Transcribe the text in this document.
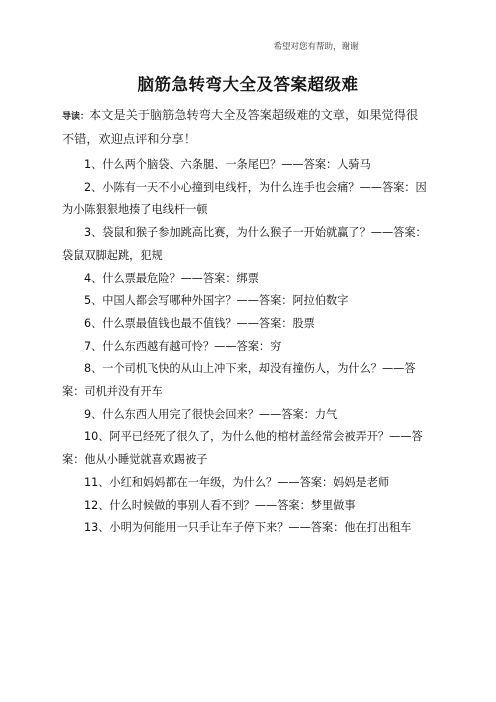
希望对您有帮助，谢谢
脑筋急转弯大全及答案超级难

导读：本文是关于脑筋急转弯大全及答案超级难的文章，如果觉得很不错，欢迎点评和分享！

1、什么两个脑袋、六条腿、一条尾巴？——答案：人骑马

2、小陈有一天不小心撞到电线杆，为什么连手也会痛？——答案：因为小陈狠狠地揍了电线杆一顿

3、袋鼠和猴子参加跳高比赛，为什么猴子一开始就赢了？——答案：袋鼠双脚起跳，犯规

4、什么票最危险？——答案：绑票

5、中国人都会写哪种外国字？——答案：阿拉伯数字

6、什么票最值钱也最不值钱？——答案：股票

7、什么东西越有越可怜？——答案：穷

8、一个司机飞快的从山上冲下来，却没有撞伤人，为什么？——答案：司机并没有开车

9、什么东西人用完了很快会回来？——答案：力气

10、阿平已经死了很久了，为什么他的棺材盖经常会被弄开？——答案：他从小睡觉就喜欢踢被子

11、小红和妈妈都在一年级，为什么？——答案：妈妈是老师

12、什么时候做的事别人看不到？——答案：梦里做事

13、小明为何能用一只手让车子停下来？——答案：他在打出租车
